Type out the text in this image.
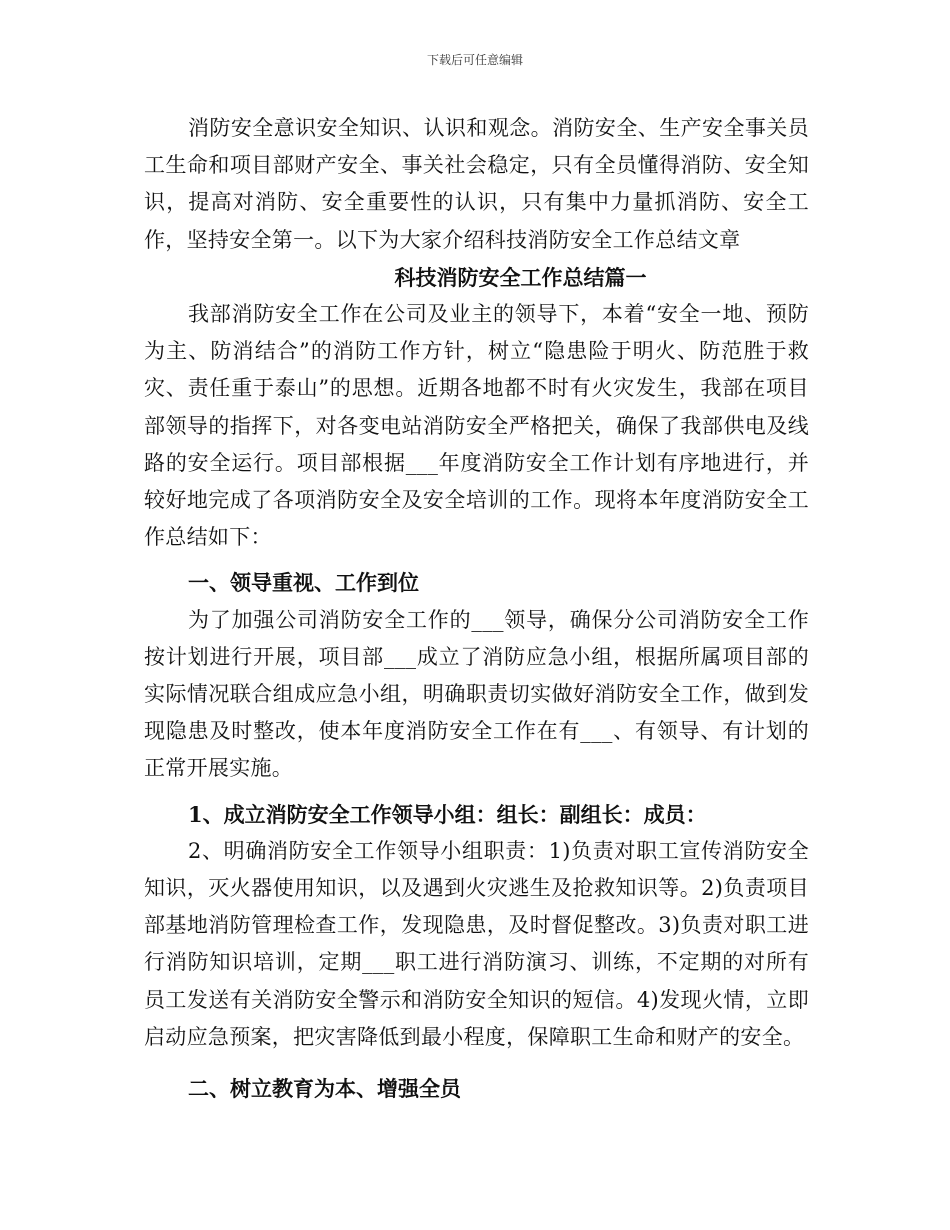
下载后可任意编辑

消防安全意识安全知识、认识和观念。消防安全、生产安全事关员工生命和项目部财产安全、事关社会稳定，只有全员懂得消防、安全知识，提高对消防、安全重要性的认识，只有集中力量抓消防、安全工作，坚持安全第一。以下为大家介绍科技消防安全工作总结文章

科技消防安全工作总结篇一

我部消防安全工作在公司及业主的领导下，本着“安全一地、预防为主、防消结合”的消防工作方针，树立“隐患险于明火、防范胜于救灾、责任重于泰山”的思想。近期各地都不时有火灾发生，我部在项目部领导的指挥下，对各变电站消防安全严格把关，确保了我部供电及线路的安全运行。项目部根据___年度消防安全工作计划有序地进行，并较好地完成了各项消防安全及安全培训的工作。现将本年度消防安全工作总结如下：

一、领导重视、工作到位

为了加强公司消防安全工作的___领导，确保分公司消防安全工作按计划进行开展，项目部___成立了消防应急小组，根据所属项目部的实际情况联合组成应急小组，明确职责切实做好消防安全工作，做到发现隐患及时整改，使本年度消防安全工作在有___、有领导、有计划的正常开展实施。

1、成立消防安全工作领导小组：组长：副组长：成员：

2、明确消防安全工作领导小组职责：1)负责对职工宣传消防安全知识，灭火器使用知识，以及遇到火灾逃生及抢救知识等。2)负责项目部基地消防管理检查工作，发现隐患，及时督促整改。3)负责对职工进行消防知识培训，定期___职工进行消防演习、训练，不定期的对所有员工发送有关消防安全警示和消防安全知识的短信。4)发现火情，立即启动应急预案，把灾害降低到最小程度，保障职工生命和财产的安全。

二、树立教育为本、增强全员
